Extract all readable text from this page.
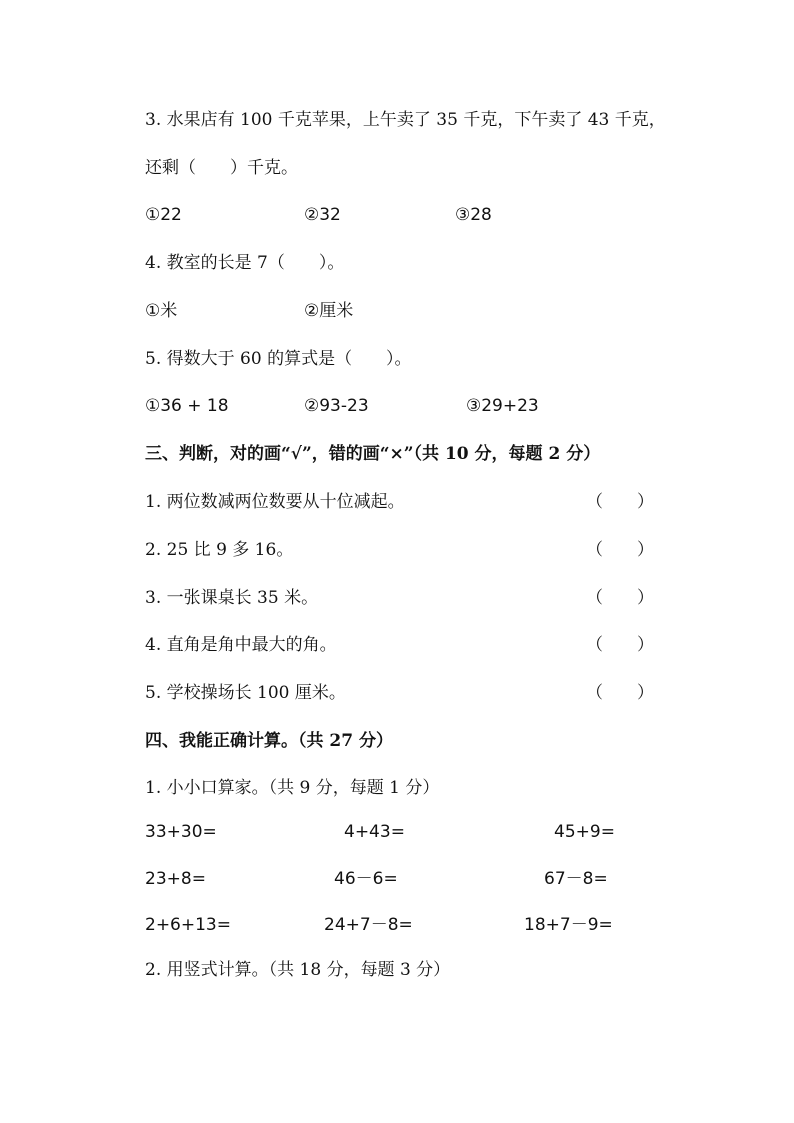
3. 水果店有 100 千克苹果，上午卖了 35 千克，下午卖了 43 千克，
还剩（　　）千克。
①22	②32	③28
4. 教室的长是 7（　　）。
①米	②厘米
5. 得数大于 60 的算式是（　　）。
①36 + 18	②93-23	③29+23
三、判断，对的画“√”，错的画“×”（共 10 分，每题 2 分）
1. 两位数减两位数要从十位减起。	（　　）
2. 25 比 9 多 16。	（　　）
3. 一张课桌长 35 米。	（　　）
4. 直角是角中最大的角。	（　　）
5. 学校操场长 100 厘米。	（　　）
四、我能正确计算。（共 27 分）
1. 小小口算家。（共 9 分，每题 1 分）
33+30=	4+43=	45+9=
23+8=	46－6=	67－8=
2+6+13=	24+7－8=	18+7－9=
2. 用竖式计算。（共 18 分，每题 3 分）
